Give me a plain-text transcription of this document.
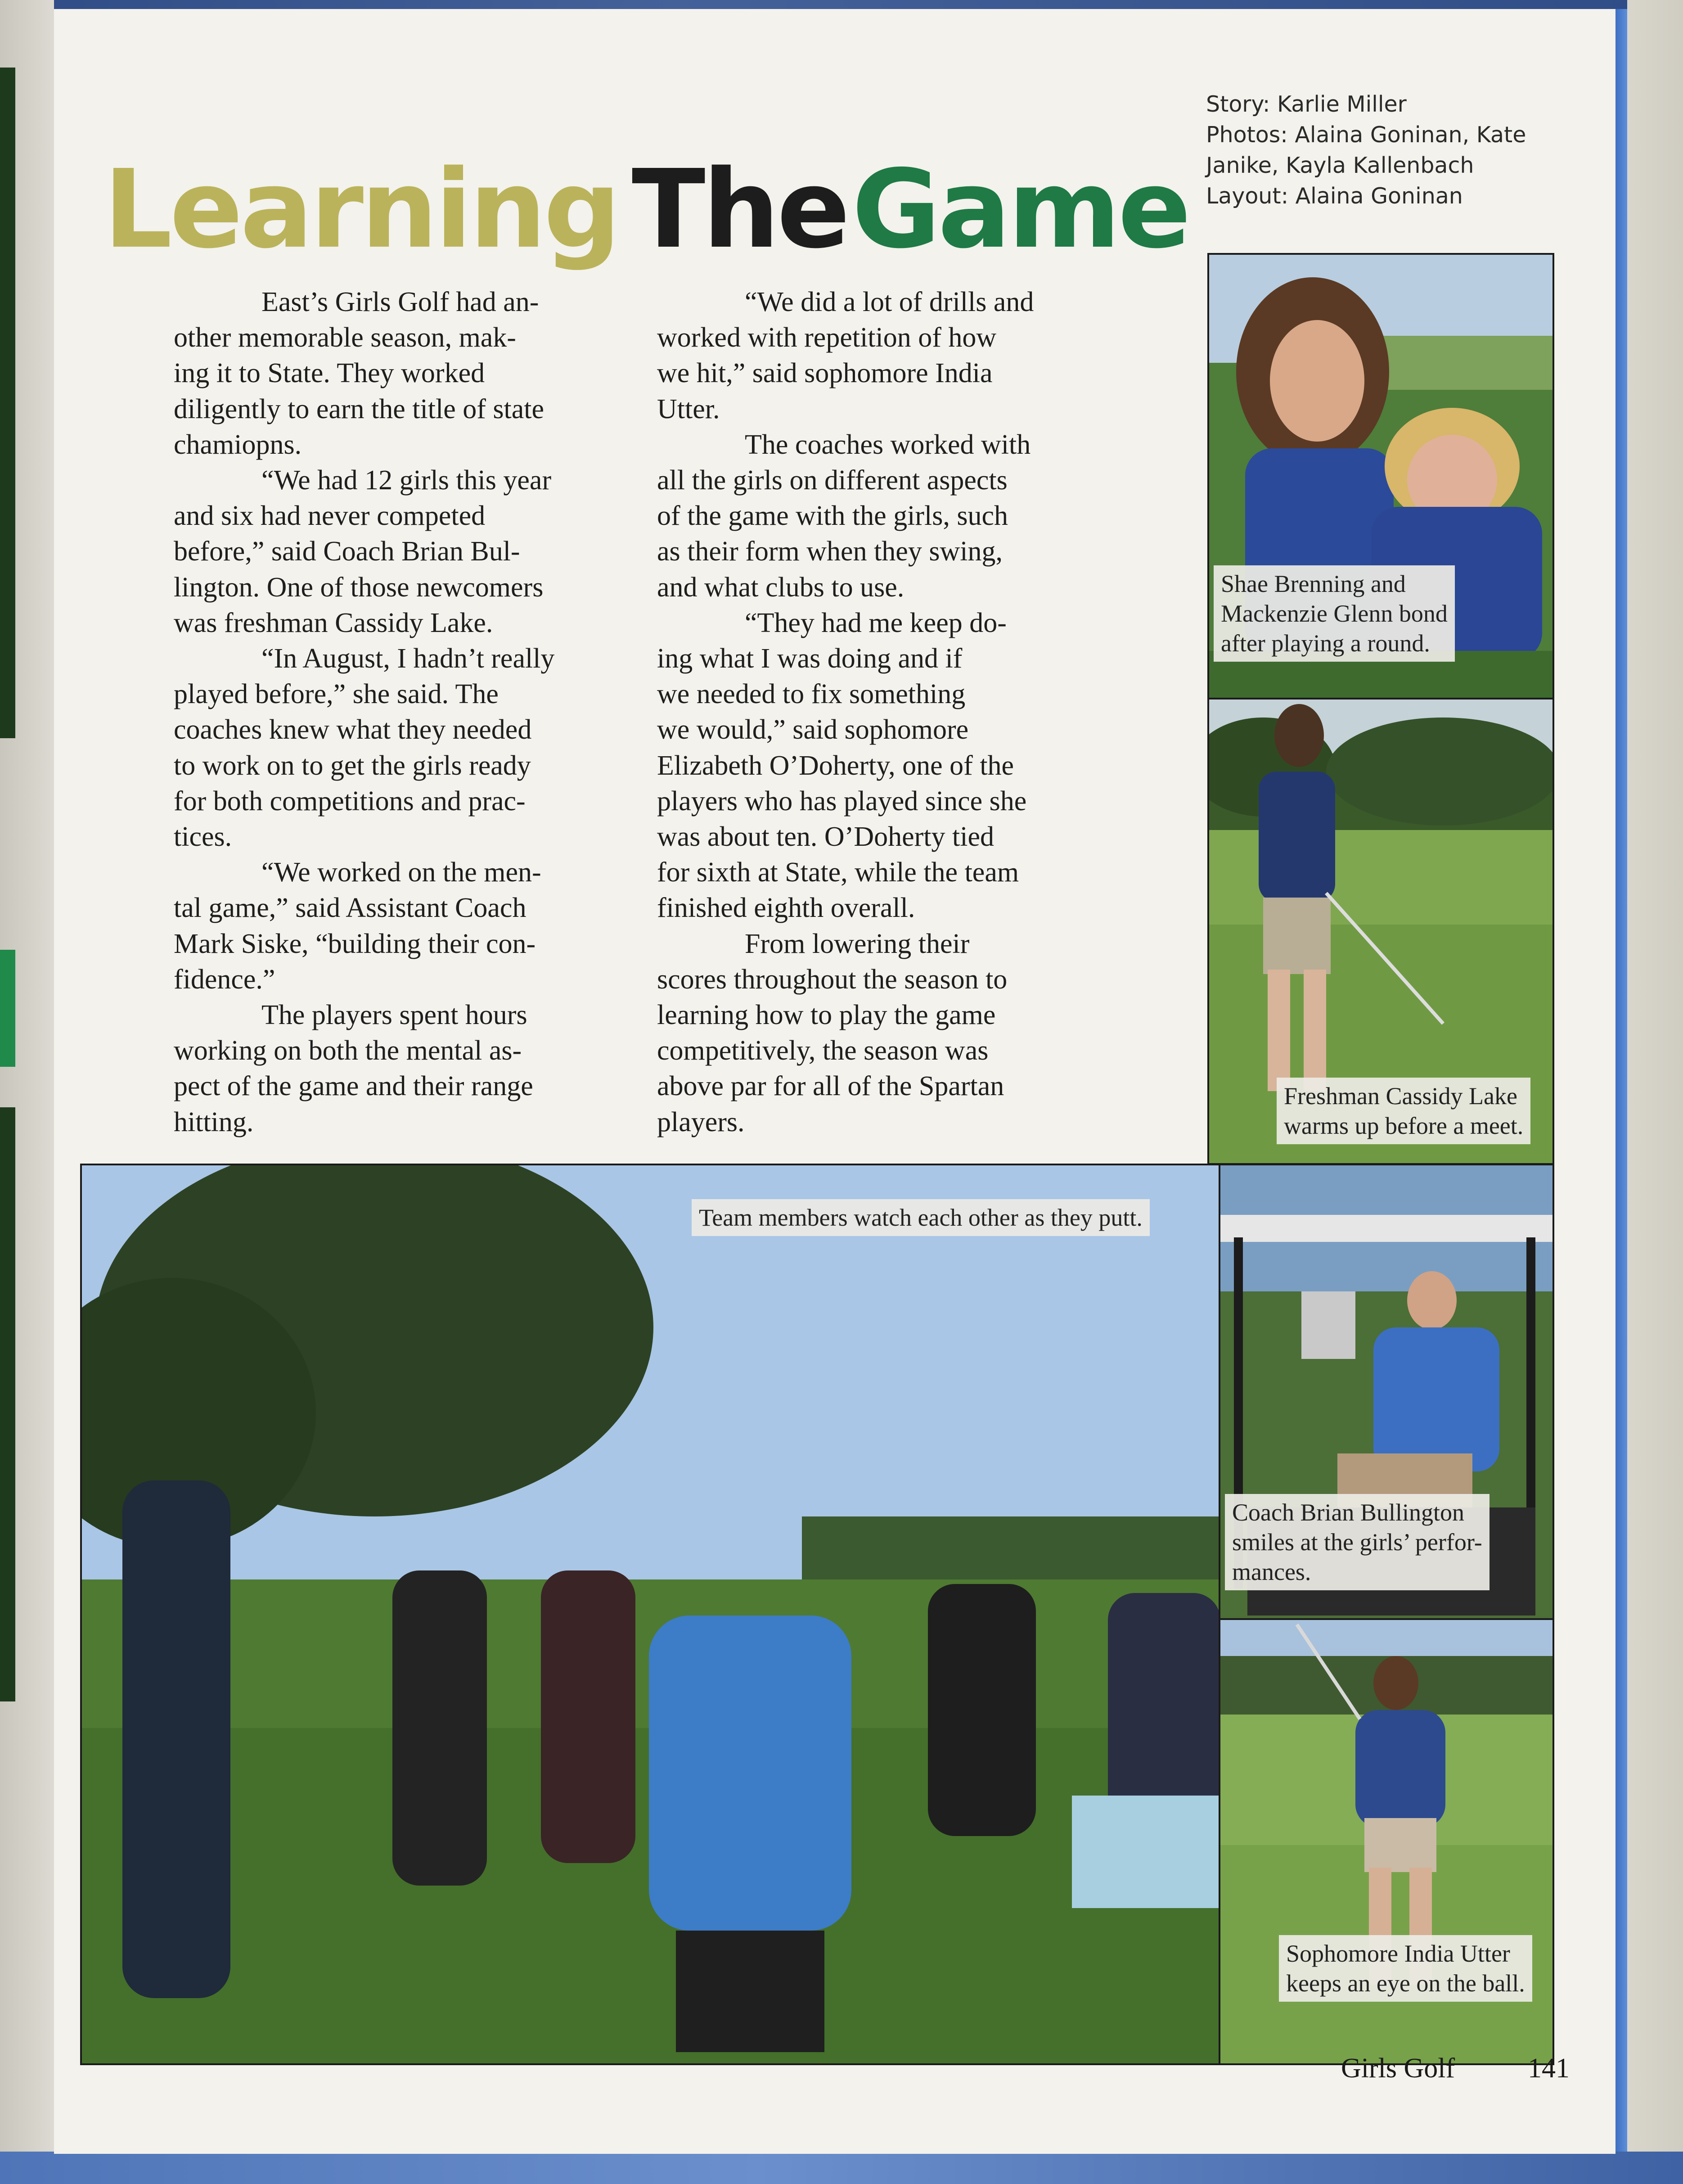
Learning TheGame
Story: Karlie Miller
Photos: Alaina Goninan, Kate
Janike, Kayla Kallenbach
Layout: Alaina Goninan

East’s Girls Golf had an-
other memorable season, mak-
ing it to State. They worked
diligently to earn the title of state
chamiopns.

“We had 12 girls this year
and six had never competed
before,” said Coach Brian Bul-
lington. One of those newcomers
was freshman Cassidy Lake.

“In August, I hadn’t really
played before,” she said. The
coaches knew what they needed
to work on to get the girls ready
for both competitions and prac-
tices.

“We worked on the men-
tal game,” said Assistant Coach
Mark Siske, “building their con-
fidence.”

The players spent hours
working on both the mental as-
pect of the game and their range
hitting.

“We did a lot of drills and
worked with repetition of how
we hit,” said sophomore India
Utter.

The coaches worked with
all the girls on different aspects
of the game with the girls, such
as their form when they swing,
and what clubs to use.

“They had me keep do-
ing what I was doing and if
we needed to fix something
we would,” said sophomore
Elizabeth O’Doherty, one of the
players who has played since she
was about ten. O’Doherty tied
for sixth at State, while the team
finished eighth overall.

From lowering their
scores throughout the season to
learning how to play the game
competitively, the season was
above par for all of the Spartan
players.

Shae Brenning and
Mackenzie Glenn bond
after playing a round.
Freshman Cassidy Lake
warms up before a meet.
Team members watch each other as they putt.
Coach Brian Bullington
smiles at the girls’ perfor-
mances.
Sophomore India Utter
keeps an eye on the ball.
Girls Golf	141
